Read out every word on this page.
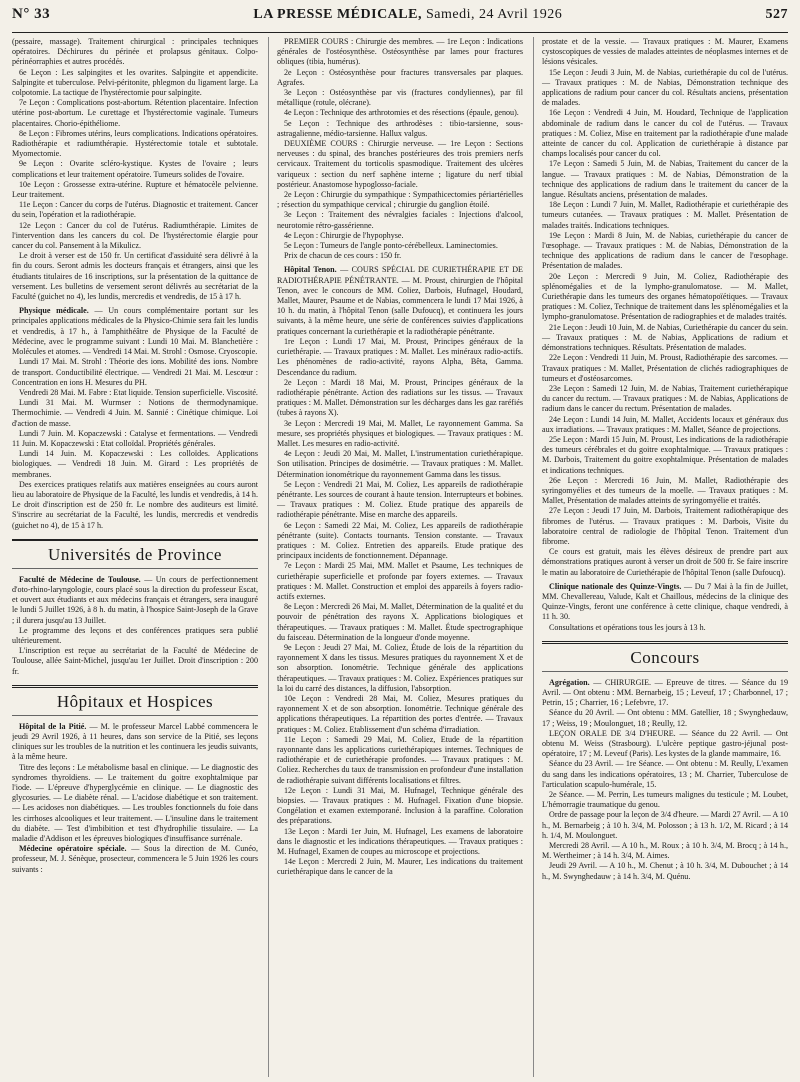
N° 33	LA PRESSE MÉDICALE, Samedi, 24 Avril 1926	527

(pessaire, massage). Traitement chirurgical : principales techniques opératoires. Déchirures du périnée et prolapsus génitaux. Colpo-périnéorraphies et autres procédés.

6e Leçon : Les salpingites et les ovarites. Salpingite et appendicite. Salpingite et tuberculose. Pelvi-péritonite, phlegmon du ligament large. La colpotomie. La tactique de l'hystérectomie pour salpingite.

7e Leçon : Complications post-abortum. Rétention placentaire. Infection utérine post-abortum. Le curettage et l'hystérectomie vaginale. Tumeurs placentaires. Chorio-épithéliome.

8e Leçon : Fibromes utérins, leurs complications. Indications opératoires. Radiothérapie et radiumthérapie. Hystérectomie totale et subtotale. Myomectomie.

9e Leçon : Ovarite scléro-kystique. Kystes de l'ovaire ; leurs complications et leur traitement opératoire. Tumeurs solides de l'ovaire.

10e Leçon : Grossesse extra-utérine. Rupture et hématocèle pelvienne. Leur traitement.

11e Leçon : Cancer du corps de l'utérus. Diagnostic et traitement. Cancer du sein, l'opération et la radiothérapie.

12e Leçon : Cancer du col de l'utérus. Radiumthérapie. Limites de l'intervention dans les cancers du col. De l'hystérectomie élargie pour cancer du col. Pansement à la Mikulicz.

Le droit à verser est de 150 fr. Un certificat d'assiduité sera délivré à la fin du cours. Seront admis les docteurs français et étrangers, ainsi que les étudiants titulaires de 16 inscriptions, sur la présentation de la quittance de versement. Les bulletins de versement seront délivrés au secrétariat de la Faculté (guichet no 4), les lundis, mercredis et vendredis, de 15 à 17 h.

Physique médicale. — Un cours complémentaire portant sur les principales applications médicales de la Physico-Chimie sera fait les lundis et vendredis, à 17 h., à l'amphithéâtre de Physique de la Faculté de Médecine, avec le programme suivant : Lundi 10 Mai. M. Blanchetière : Molécules et atomes. — Vendredi 14 Mai. M. Strohl : Osmose. Cryoscopie.

Lundi 17 Mai. M. Strohl : Théorie des ions. Mobilité des ions. Nombre de transport. Conductibilité électrique. — Vendredi 21 Mai. M. Lescœur : Concentration en ions H. Mesures du PH.

Vendredi 28 Mai. M. Fabre : Etat liquide. Tension superficielle. Viscosité.

Lundi 31 Mai. M. Wurmser : Notions de thermodynamique. Thermochimie. — Vendredi 4 Juin. M. Sannié : Cinétique chimique. Loi d'action de masse.

Lundi 7 Juin. M. Kopaczewski : Catalyse et fermentations. — Vendredi 11 Juin. M. Kopaczewski : Etat colloïdal. Propriétés générales.

Lundi 14 Juin. M. Kopaczewski : Les colloïdes. Applications biologiques. — Vendredi 18 Juin. M. Girard : Les propriétés de membranes.

Des exercices pratiques relatifs aux matières enseignées au cours auront lieu au laboratoire de Physique de la Faculté, les lundis et vendredis, à 14 h. Le droit d'inscription est de 250 fr. Le nombre des auditeurs est limité. S'inscrire au secrétariat de la Faculté, les lundis, mercredis et vendredis (guichet no 4), de 15 à 17 h.

Universités de Province

Faculté de Médecine de Toulouse. — Un cours de perfectionnement d'oto-rhino-laryngologie, cours placé sous la direction du professeur Escat, et ouvert aux étudiants et aux médecins français et étrangers, sera inauguré le lundi 5 Juillet 1926, à 8 h. du matin, à l'hospice Saint-Joseph de la Grave ; il durera jusqu'au 13 Juillet.

Le programme des leçons et des conférences pratiques sera publié ultérieurement.

L'inscription est reçue au secrétariat de la Faculté de Médecine de Toulouse, allée Saint-Michel, jusqu'au 1er Juillet. Droit d'inscription : 200 fr.

Hôpitaux et Hospices

Hôpital de la Pitié. — M. le professeur Marcel Labbé commencera le jeudi 29 Avril 1926, à 11 heures, dans son service de la Pitié, ses leçons cliniques sur les troubles de la nutrition et les continuera les jeudis suivants, à la même heure.

Titre des leçons : Le métabolisme basal en clinique. — Le diagnostic des syndromes thyroïdiens. — Le traitement du goitre exophtalmique par l'iode. — L'épreuve d'hyperglycémie en clinique. — Le diagnostic des glycosuries. — Le diabète rénal. — L'acidose diabétique et son traitement. — Les acidoses non diabétiques. — Les troubles fonctionnels du foie dans les cirrhoses alcooliques et leur traitement. — L'insuline dans le traitement du diabète. — Test d'imbibition et test d'hydrophilie tissulaire. — La maladie d'Addison et les épreuves biologiques d'insuffisance surrénale.

Médecine opératoire spéciale. — Sous la direction de M. Cunéo, professeur, M. J. Sénèque, prosecteur, commencera le 5 Juin 1926 les cours suivants :

PREMIER COURS : Chirurgie des membres. — 1re Leçon : Indications générales de l'ostéosynthèse. Ostéosynthèse par lames pour fractures obliques (tibia, humérus).

2e Leçon : Ostéosynthèse pour fractures transversales par plaques. Agrafes.

3e Leçon : Ostéosynthèse par vis (fractures condyliennes), par fil métallique (rotule, olécrane).

4e Leçon : Technique des arthrotomies et des résections (épaule, genou).

5e Leçon : Technique des arthrodèses : tibio-tarsienne, sous-astragalienne, médio-tarsienne. Hallux valgus.

DEUXIÈME COURS : Chirurgie nerveuse. — 1re Leçon : Sections nerveuses : du spinal, des branches postérieures des trois premiers nerfs cervicaux. Traitement du torticolis spasmodique. Traitement des ulcères variqueux : section du nerf saphène interne ; ligature du nerf tibial postérieur. Anastomose hypoglosso-faciale.

2e Leçon : Chirurgie du sympathique : Sympathicectomies périartérielles ; résection du sympathique cervical ; chirurgie du ganglion étoilé.

3e Leçon : Traitement des névralgies faciales : Injections d'alcool, neurotomie rétro-gassérienne.

4e Leçon : Chirurgie de l'hypophyse.

5e Leçon : Tumeurs de l'angle ponto-cérébelleux. Laminectomies.

Prix de chacun de ces cours : 150 fr.

Hôpital Tenon. — COURS SPÉCIAL DE CURIETHÉRAPIE ET DE RADIOTHÉRAPIE PÉNÉTRANTE. — M. Proust, chirurgien de l'hôpital Tenon, avec le concours de MM. Coliez, Darbois, Hufnagel, Houdard, Mallet, Maurer, Psaume et de Nabias, commencera le lundi 17 Mai 1926, à 10 h. du matin, à l'hôpital Tenon (salle Dufoucq), et continuera les jours suivants, à la même heure, une série de conférences suivies d'applications pratiques concernant la curiethérapie et la radiothérapie pénétrante.

1re Leçon : Lundi 17 Mai, M. Proust, Principes généraux de la curiethérapie. — Travaux pratiques : M. Mallet. Les minéraux radio-actifs. Les phénomènes de radio-activité, rayons Alpha, Bêta, Gamma. Descendance du radium.

2e Leçon : Mardi 18 Mai, M. Proust, Principes généraux de la radiothérapie pénétrante. Action des radiations sur les tissus. — Travaux pratiques : M. Mallet. Démonstration sur les décharges dans les gaz raréfiés (tubes à rayons X).

3e Leçon : Mercredi 19 Mai, M. Mallet, Le rayonnement Gamma. Sa mesure, ses propriétés physiques et biologiques. — Travaux pratiques : M. Mallet. Les mesures en radio-activité.

4e Leçon : Jeudi 20 Mai, M. Mallet, L'instrumentation curiethérapique. Son utilisation. Principes de dosimétrie. — Travaux pratiques : M. Mallet. Détermination ionométrique du rayonnement Gamma dans les tissus.

5e Leçon : Vendredi 21 Mai, M. Coliez, Les appareils de radiothérapie pénétrante. Les sources de courant à haute tension. Interrupteurs et bobines. — Travaux pratiques : M. Coliez. Etude pratique des appareils de radiothérapie pénétrante. Mise en marche des appareils.

6e Leçon : Samedi 22 Mai, M. Coliez, Les appareils de radiothérapie pénétrante (suite). Contacts tournants. Tension constante. — Travaux pratiques : M. Coliez. Entretien des appareils. Etude pratique des principaux incidents de fonctionnement. Dépannage.

7e Leçon : Mardi 25 Mai, MM. Mallet et Psaume, Les techniques de curiethérapie superficielle et profonde par foyers externes. — Travaux pratiques : M. Mallet. Construction et emploi des appareils à foyers radio-actifs externes.

8e Leçon : Mercredi 26 Mai, M. Mallet, Détermination de la qualité et du pouvoir de pénétration des rayons X. Applications biologiques et thérapeutiques. — Travaux pratiques : M. Mallet. Étude spectrographique du faisceau. Détermination de la longueur d'onde moyenne.

9e Leçon : Jeudi 27 Mai, M. Coliez, Étude de lois de la répartition du rayonnement X dans les tissus. Mesures pratiques du rayonnement X et de son absorption. Ionométrie. Technique générale des applications thérapeutiques. — Travaux pratiques : M. Coliez. Expériences pratiques sur la loi du carré des distances, la diffusion, l'absorption.

10e Leçon : Vendredi 28 Mai, M. Coliez, Mesures pratiques du rayonnement X et de son absorption. Ionométrie. Technique générale des applications thérapeutiques. La répartition des portes d'entrée. — Travaux pratiques : M. Coliez. Etablissement d'un schéma d'irradiation.

11e Leçon : Samedi 29 Mai, M. Coliez, Etude de la répartition rayonnante dans les applications curiethérapiques internes. Techniques de radiothérapie et de curiethérapie profondes. — Travaux pratiques : M. Coliez. Recherches du taux de transmission en profondeur d'une installation de radiothérapie suivant différents localisations et filtres.

12e Leçon : Lundi 31 Mai, M. Hufnagel, Technique générale des biopsies. — Travaux pratiques : M. Hufnagel. Fixation d'une biopsie. Congélation et examen extemporané. Inclusion à la paraffine. Coloration des préparations.

13e Leçon : Mardi 1er Juin, M. Hufnagel, Les examens de laboratoire dans le diagnostic et les indications thérapeutiques. — Travaux pratiques : M. Hufnagel, Examen de coupes au microscope et projections.

14e Leçon : Mercredi 2 Juin, M. Maurer, Les indications du traitement curiethérapique dans le cancer de la

prostate et de la vessie. — Travaux pratiques : M. Maurer, Examens cystoscopiques de vessies de malades atteintes de néoplasmes internes et de lésions vésicales.

15e Leçon : Jeudi 3 Juin, M. de Nabias, curiethérapie du col de l'utérus. — Travaux pratiques : M. de Nabias, Démonstration technique des applications de radium pour cancer du col. Résultats anciens, présentation de malades.

16e Leçon : Vendredi 4 Juin, M. Houdard, Technique de l'application abdominale de radium dans le cancer du col de l'utérus. — Travaux pratiques : M. Coliez, Mise en traitement par la radiothérapie d'une malade atteinte de cancer du col. Application de curiethérapie à distance par champs localisés pour cancer du col.

17e Leçon : Samedi 5 Juin, M. de Nabias, Traitement du cancer de la langue. — Travaux pratiques : M. de Nabias, Démonstration de la technique des applications de radium dans le traitement du cancer de la langue. Résultats anciens, présentation de malades.

18e Leçon : Lundi 7 Juin, M. Mallet, Radiothérapie et curiethérapie des tumeurs cutanées. — Travaux pratiques : M. Mallet. Présentation de malades traités. Indications techniques.

19e Leçon : Mardi 8 Juin, M. de Nabias, curiethérapie du cancer de l'œsophage. — Travaux pratiques : M. de Nabias, Démonstration de la technique des applications de radium dans le cancer de l'œsophage. Présentation de malades.

20e Leçon : Mercredi 9 Juin, M. Coliez, Radiothérapie des splénomégalies et de la lympho-granulomatose. — M. Mallet, Curiethérapie dans les tumeurs des organes hématopoïétiques. — Travaux pratiques : M. Coliez, Technique de traitement dans les splénomégalies et la lympho-granulomatose. Présentation de radiographies et de malades traités.

21e Leçon : Jeudi 10 Juin, M. de Nabias, Curiethérapie du cancer du sein. — Travaux pratiques : M. de Nabias, Applications de radium et démonstrations techniques. Résultats. Présentation de malades.

22e Leçon : Vendredi 11 Juin, M. Proust, Radiothérapie des sarcomes. — Travaux pratiques : M. Mallet, Présentation de clichés radiographiques de tumeurs et d'ostéosarcomes.

23e Leçon : Samedi 12 Juin, M. de Nabias, Traitement curiethérapique du cancer du rectum. — Travaux pratiques : M. de Nabias, Applications de radium dans le cancer du rectum. Présentation de malades.

24e Leçon : Lundi 14 Juin, M. Mallet, Accidents locaux et généraux dus aux irradiations. — Travaux pratiques : M. Mallet, Séance de projections.

25e Leçon : Mardi 15 Juin, M. Proust, Les indications de la radiothérapie des tumeurs cérébrales et du goitre exophtalmique. — Travaux pratiques : M. Darbois, Traitement du goitre exophtalmique. Présentation de malades et indications techniques.

26e Leçon : Mercredi 16 Juin, M. Mallet, Radiothérapie des syringomyélies et des tumeurs de la moelle. — Travaux pratiques : M. Mallet, Présentation de malades atteints de syringomyélie et traités.

27e Leçon : Jeudi 17 Juin, M. Darbois, Traitement radiothérapique des fibromes de l'utérus. — Travaux pratiques : M. Darbois, Visite du laboratoire central de radiologie de l'hôpital Tenon. Traitement d'un fibrome.

Ce cours est gratuit, mais les élèves désireux de prendre part aux démonstrations pratiques auront à verser un droit de 500 fr. Se faire inscrire le matin au laboratoire de Curiethérapie de l'hôpital Tenon (salle Dufoucq).

Clinique nationale des Quinze-Vingts. — Du 7 Mai à la fin de Juillet, MM. Chevallereau, Valude, Kalt et Chaillous, médecins de la clinique des Quinze-Vingts, feront une conférence à cette clinique, chaque vendredi, à 11 h. 30.

Consultations et opérations tous les jours à 13 h.

Concours

Agrégation. — CHIRURGIE. — Epreuve de titres. — Séance du 19 Avril. — Ont obtenu : MM. Bernarbeig, 15 ; Leveuf, 17 ; Charbonnel, 17 ; Petrin, 15 ; Charrier, 16 ; Lefebvre, 17.

Séance du 20 Avril. — Ont obtenu : MM. Gatellier, 18 ; Swynghedauw, 17 ; Weiss, 19 ; Moulonguet, 18 ; Reully, 12.

LEÇON ORALE DE 3/4 D'HEURE. — Séance du 22 Avril. — Ont obtenu M. Weiss (Strasbourg). L'ulcère peptique gastro-jéjunal post-opératoire, 17 ; M. Leveuf (Paris). Les kystes de la glande mammaire, 16.

Séance du 23 Avril. — 1re Séance. — Ont obtenu : M. Reully, L'examen du sang dans les indications opératoires, 13 ; M. Charrier, Tuberculose de l'articulation scapulo-humérale, 15.

2e Séance. — M. Perrin, Les tumeurs malignes du testicule ; M. Loubet, L'hémorragie traumatique du genou.

Ordre de passage pour la leçon de 3/4 d'heure. — Mardi 27 Avril. — A 10 h., M. Bernarbeig ; à 10 h. 3/4, M. Polosson ; à 13 h. 1/2, M. Ricard ; à 14 h. 1/4, M. Moulonguet.

Mercredi 28 Avril. — A 10 h., M. Roux ; à 10 h. 3/4, M. Brocq ; à 14 h., M. Wertheimer ; à 14 h. 3/4, M. Aimes.

Jeudi 29 Avril. — A 10 h., M. Chenut ; à 10 h. 3/4, M. Dubouchet ; à 14 h., M. Swynghedauw ; à 14 h. 3/4, M. Quénu.
